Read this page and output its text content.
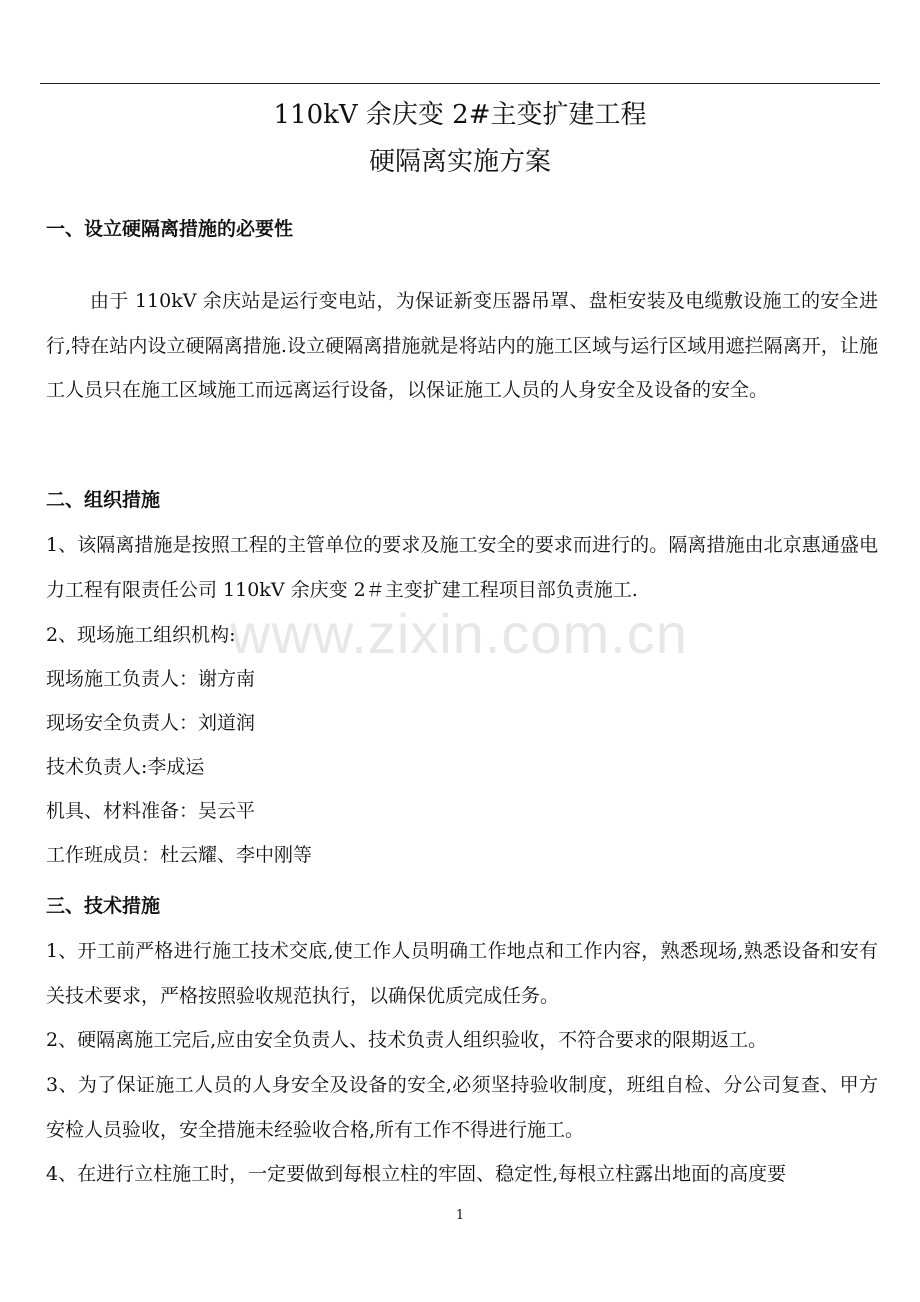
110kV 余庆变 2#主变扩建工程
硬隔离实施方案
www.zixin.com.cn
一、设立硬隔离措施的必要性
由于 110kV 余庆站是运行变电站，为保证新变压器吊罩、盘柜安装及电缆敷设施工的安全进行,特在站内设立硬隔离措施.设立硬隔离措施就是将站内的施工区域与运行区域用遮拦隔离开，让施工人员只在施工区域施工而远离运行设备，以保证施工人员的人身安全及设备的安全。
二、组织措施
1、该隔离措施是按照工程的主管单位的要求及施工安全的要求而进行的。隔离措施由北京惠通盛电力工程有限责任公司 110kV 余庆变 2＃主变扩建工程项目部负责施工.
2、现场施工组织机构:
现场施工负责人：谢方南
现场安全负责人：刘道润
技术负责人:李成运
机具、材料准备：吴云平
工作班成员：杜云耀、李中刚等
三、技术措施
1、开工前严格进行施工技术交底,使工作人员明确工作地点和工作内容，熟悉现场,熟悉设备和安有关技术要求，严格按照验收规范执行，以确保优质完成任务。
2、硬隔离施工完后,应由安全负责人、技术负责人组织验收，不符合要求的限期返工。
3、为了保证施工人员的人身安全及设备的安全,必须坚持验收制度，班组自检、分公司复查、甲方安检人员验收，安全措施未经验收合格,所有工作不得进行施工。
4、在进行立柱施工时，一定要做到每根立柱的牢固、稳定性,每根立柱露出地面的高度要
1
